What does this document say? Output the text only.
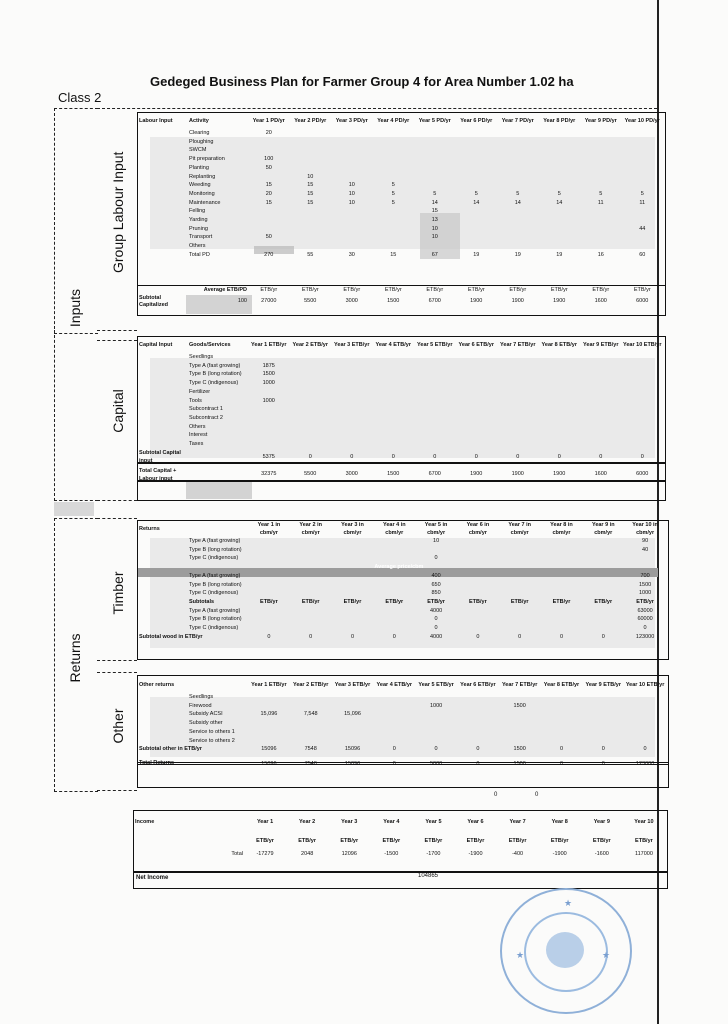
Gedeged Business Plan for Farmer Group 4 for Area Number 1.02 ha
Class 2
Inputs
Group Labour Input
Capital
Returns
Timber
Other
Labour Input	Activity	Year 1 PD/yr	Year 2 PD/yr	Year 3 PD/yr	Year 4 PD/yr	Year 5 PD/yr	Year 6 PD/yr	Year 7 PD/yr	Year 8 PD/yr	Year 9 PD/yr	Year 10 PD/yr
	Clearing	20									
	Ploughing										
	SWCM										
	Pit preparation	100									
	Planting	50									
	Replanting		10								
	Weeding	15	15	10	5						
	Monitoring	20	15	10	5	5	5	5	5	5	5
	Maintenance	15	15	10	5	14	14	14	14	11	11
	Felling					15					
	Yarding					13					
	Pruning					10					44
	Transport	50				10					
	Others										
	Total PD	270	55	30	15	67	19	19	19	16	60
	Average ETB/PD	ETB/yr	ETB/yr	ETB/yr	ETB/yr	ETB/yr	ETB/yr	ETB/yr	ETB/yr	ETB/yr	ETB/yr
Subtotal Capitalized	100	27000	5500	3000	1500	6700	1900	1900	1900	1600	6000
Capital Input	Goods/Services	Year 1 ETB/yr	Year 2 ETB/yr	Year 3 ETB/yr	Year 4 ETB/yr	Year 5 ETB/yr	Year 6 ETB/yr	Year 7 ETB/yr	Year 8 ETB/yr	Year 9 ETB/yr	Year 10 ETB/yr
	Seedlings										
	Type A (fast growing)	1875									
	Type B (long rotation)	1500									
	Type C (indigenous)	1000									
	Fertilizer										
	Tools	1000									
	Subcontract 1										
	Subcontract 2										
	Others										
	Interest										
	Taxes										
Subtotal Capital input		5375	0	0	0	0	0	0	0	0	0
Total Capital + Labour input		32375	5500	3000	1500	6700	1900	1900	1900	1600	6000
Returns		Year 1 in cbm/yr	Year 2 in cbm/yr	Year 3 in cbm/yr	Year 4 in cbm/yr	Year 5 in cbm/yr	Year 6 in cbm/yr	Year 7 in cbm/yr	Year 8 in cbm/yr	Year 9 in cbm/yr	Year 10 in cbm/yr
	Type A (fast growing)					10					90
	Type B (long rotation)										40
	Type C (indigenous)					0					
					Average price/cbm						
	Type A (fast growing)					400					700
	Type B (long rotation)					650					1500
	Type C (indigenous)					850					1000
	Subtotals	ETB/yr	ETB/yr	ETB/yr	ETB/yr	ETB/yr	ETB/yr	ETB/yr	ETB/yr	ETB/yr	ETB/yr
	Type A (fast growing)					4000					63000
	Type B (long rotation)					0					60000
	Type C (indigenous)					0					0
Subtotal wood in ETB/yr		0	0	0	0	4000	0	0	0	0	123000
Other returns		Year 1 ETB/yr	Year 2 ETB/yr	Year 3 ETB/yr	Year 4 ETB/yr	Year 5 ETB/yr	Year 6 ETB/yr	Year 7 ETB/yr	Year 8 ETB/yr	Year 9 ETB/yr	Year 10 ETB/yr
	Seedlings										
	Firewood					1000		1500			
	Subsidy ACSI	15,096	7,548	15,096							
	Subsidy other										
	Service to others 1										
	Service to others 2										
Subtotal other in ETB/yr		15096	7548	15096	0	0	0	1500	0	0	0
Total Returns		15096	7548	15096	0	5000	0	1500	0	0	123000
0	0
Income		Year 1	Year 2	Year 3	Year 4	Year 5	Year 6	Year 7	Year 8	Year 9	Year 10
		ETB/yr	ETB/yr	ETB/yr	ETB/yr	ETB/yr	ETB/yr	ETB/yr	ETB/yr	ETB/yr	ETB/yr
	Total	-17279	2048	12096	-1500	-1700	-1900	-400	-1900	-1600	117000
Net Income	104865
★
★
★
